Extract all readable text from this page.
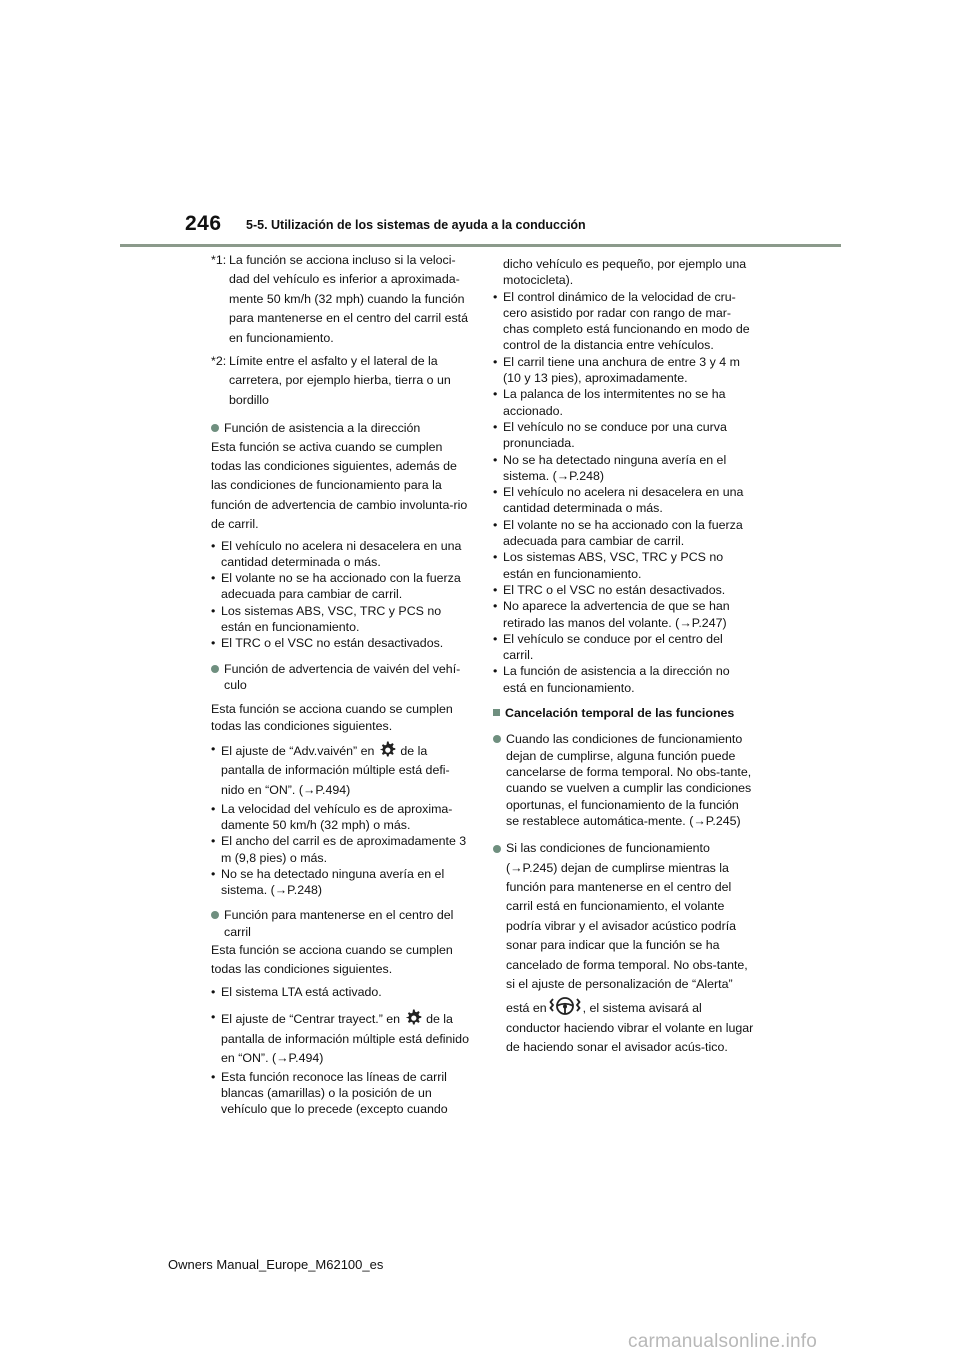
246 5-5. Utilización de los sistemas de ayuda a la conducción
*1: La función se acciona incluso si la veloci-dad del vehículo es inferior a aproximada-mente 50 km/h (32 mph) cuando la función para mantenerse en el centro del carril está en funcionamiento.
*2: Límite entre el asfalto y el lateral de la carretera, por ejemplo hierba, tierra o un bordillo
Función de asistencia a la dirección

Esta función se activa cuando se cumplen todas las condiciones siguientes, además de las condiciones de funcionamiento para la función de advertencia de cambio involunta-rio de carril.

• El vehículo no acelera ni desacelera en una cantidad determinada o más.
• El volante no se ha accionado con la fuerza adecuada para cambiar de carril.
• Los sistemas ABS, VSC, TRC y PCS no están en funcionamiento.
• El TRC o el VSC no están desactivados.
Función de advertencia de vaivén del vehí-culo

Esta función se acciona cuando se cumplen todas las condiciones siguientes.

• El ajuste de “Adv.vaivén” en de la pantalla de información múltiple está defi-nido en “ON”. (→P.494)
• La velocidad del vehículo es de aproxima-damente 50 km/h (32 mph) o más.
• El ancho del carril es de aproximadamente 3 m (9,8 pies) o más.
• No se ha detectado ninguna avería en el sistema. (→P.248)
Función para mantenerse en el centro del carril

Esta función se acciona cuando se cumplen todas las condiciones siguientes.

• El sistema LTA está activado.
• El ajuste de “Centrar trayect.” en de la pantalla de información múltiple está definido en “ON”. (→P.494)
• Esta función reconoce las líneas de carril blancas (amarillas) o la posición de un vehículo que lo precede (excepto cuando

dicho vehículo es pequeño, por ejemplo una motocicleta).

• El control dinámico de la velocidad de cru-cero asistido por radar con rango de mar-chas completo está funcionando en modo de control de la distancia entre vehículos.
• El carril tiene una anchura de entre 3 y 4 m (10 y 13 pies), aproximadamente.
• La palanca de los intermitentes no se ha accionado.
• El vehículo no se conduce por una curva pronunciada.
• No se ha detectado ninguna avería en el sistema. (→P.248)
• El vehículo no acelera ni desacelera en una cantidad determinada o más.
• El volante no se ha accionado con la fuerza adecuada para cambiar de carril.
• Los sistemas ABS, VSC, TRC y PCS no están en funcionamiento.
• El TRC o el VSC no están desactivados.
• No aparece la advertencia de que se han retirado las manos del volante. (→P.247)
• El vehículo se conduce por el centro del carril.
• La función de asistencia a la dirección no está en funcionamiento.
Cancelación temporal de las funciones
Cuando las condiciones de funcionamiento dejan de cumplirse, alguna función puede cancelarse de forma temporal. No obs-tante, cuando se vuelven a cumplir las condiciones oportunas, el funcionamiento de la función se restablece automática-mente. (→P.245)
Si las condiciones de funcionamiento (→P.245) dejan de cumplirse mientras la función para mantenerse en el centro del carril está en funcionamiento, el volante podría vibrar y el avisador acústico podría sonar para indicar que la función se ha cancelado de forma temporal. No obs-tante, si el ajuste de personalización de “Alerta” está en	, el sistema avisará al conductor haciendo vibrar el volante en lugar de haciendo sonar el avisador acús-tico.
Owners Manual_Europe_M62100_es
carmanualsonline.info
